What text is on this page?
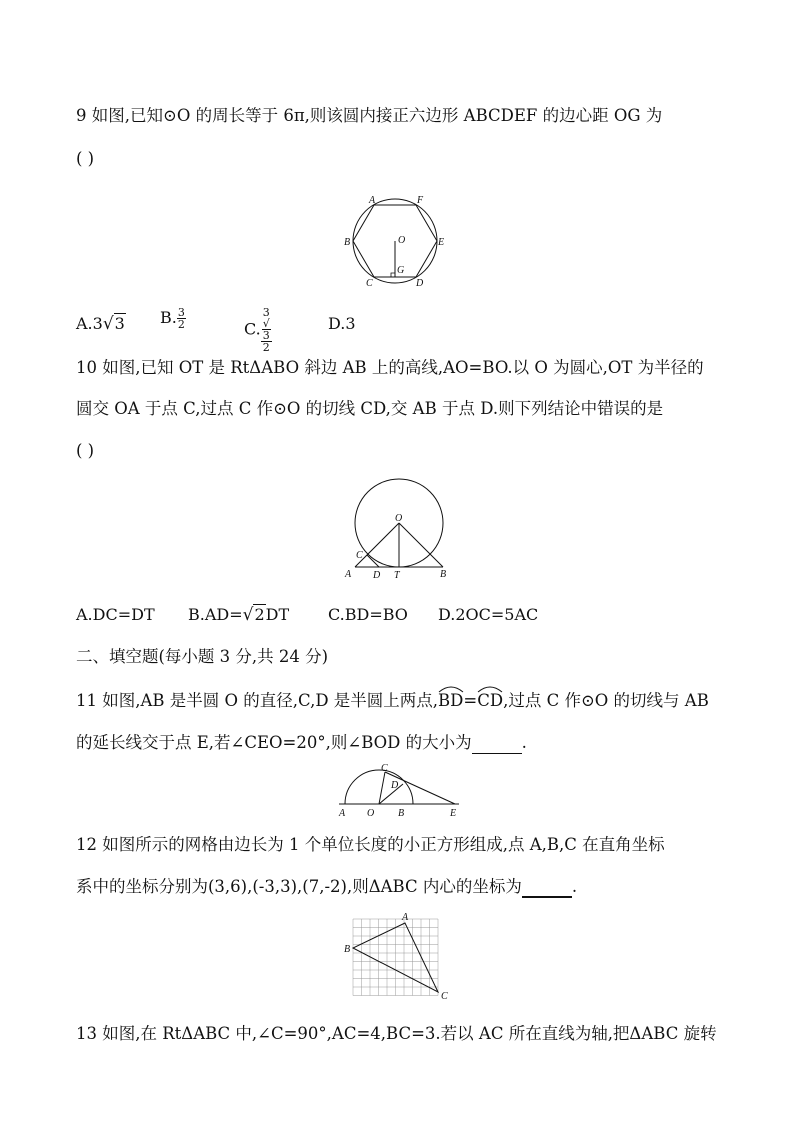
9 如图,已知⊙O 的周长等于 6π,则该圆内接正六边形 ABCDEF 的边心距 OG 为
( )
A	F
B	O	E
G
C	D
A.3√3 B. $\frac{3}{2}$	C. 3
√
3
2	D.3
10 如图,已知 OT 是 RtΔABO 斜边 AB 上的高线,AO=BO.以 O 为圆心,OT 为半径的
圆交 OA 于点 C,过点 C 作⊙O 的切线 CD,交 AB 于点 D.则下列结论中错误的是
( )
O
C
A D T	B
A.DC=DT B.AD=√2DT C.BD=BO D.2OC=5AC
二、填空题(每小题 3 分,共 24 分)
11 如图,AB 是半圆 O 的直径,C,D 是半圆上两点,
BD=
CD,过点 C 作⊙O 的切线与 AB
的延长线交于点 E,若∠CEO=20°,则∠BOD 的大小为	.
C
D
A O B	E
12 如图所示的网格由边长为 1 个单位长度的小正方形组成,点 A,B,C 在直角坐标
系中的坐标分别为(3,6),(-3,3),(7,-2),则ΔABC 内心的坐标为	.
A
B
C
13 如图,在 RtΔABC 中,∠C=90°,AC=4,BC=3.若以 AC 所在直线为轴,把ΔABC 旋转
